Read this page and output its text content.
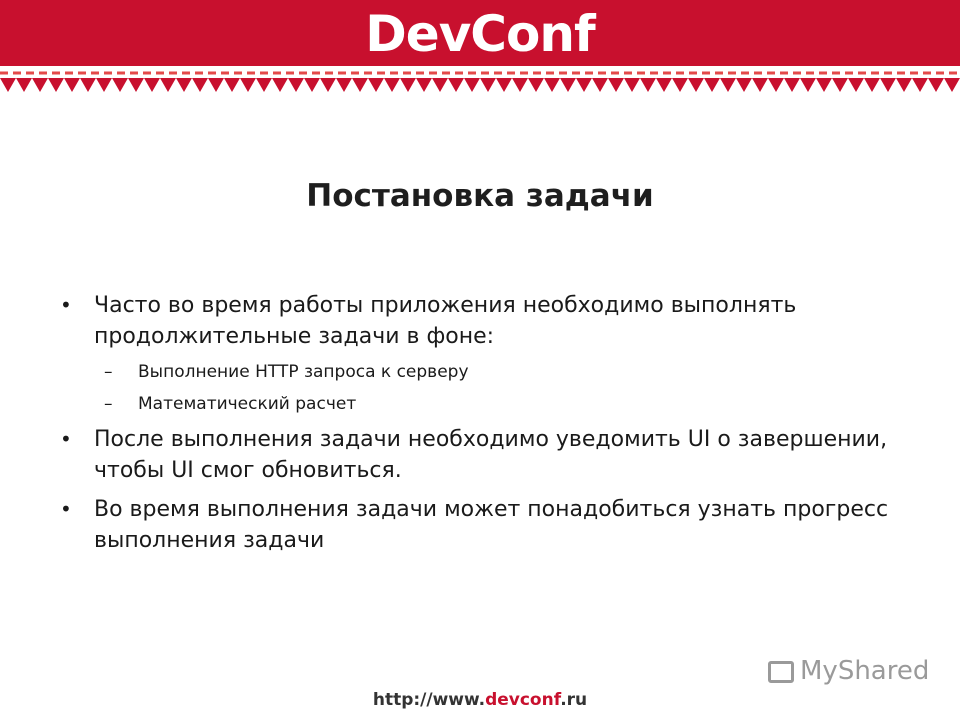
DevConf
Постановка задачи
• Часто во время работы приложения необходимо выполнять продолжительные задачи в фоне:
– Выполнение HTTP запроса к серверу
– Математический расчет
• После выполнения задачи необходимо уведомить UI о завершении, чтобы UI смог обновиться.
• Во время выполнения задачи может понадобиться узнать прогресс выполнения задачи
http://www.devconf.ru
MyShared
